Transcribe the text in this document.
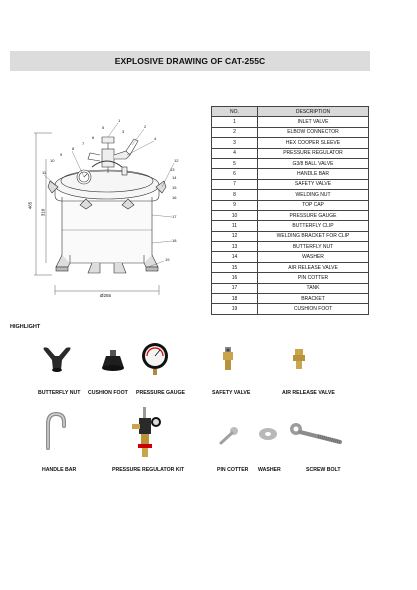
EXPLOSIVE DRAWING OF CAT-255C
465
310
Ø255
1
2
3
4
5
6
7
8
9
10
11
12
13
14
15
16
17
18
19
NO.	DESCRIPTION
1	INLET VALVE
2	ELBOW CONNECTOR
3	HEX COOPER SLEEVE
4	PRESSURE REGULATOR
5	G3/8 BALL VALVE
6	HANDLE BAR
7	SAFETY VALVE
8	WELDING NUT
9	TOP CAP
10	PRESSURE GAUGE
11	BUTTERFLY CLIP
12	WELDING BRACKET FOR CLIP
13	BUTTERFLY NUT
14	WASHER
15	AIR RELEASE VALVE
16	PIN COTTER
17	TANK
18	BRACKET
19	CUSHION FOOT
HIGHLIGHT
BUTTERFLY NUT CUSHION FOOT PRESSURE GAUGE	SAFETY VALVE	AIR RELEASE VALVE
HANDLE BAR	PRESSURE REGULATOR KIT	PIN COTTER WASHER	SCREW BOLT
